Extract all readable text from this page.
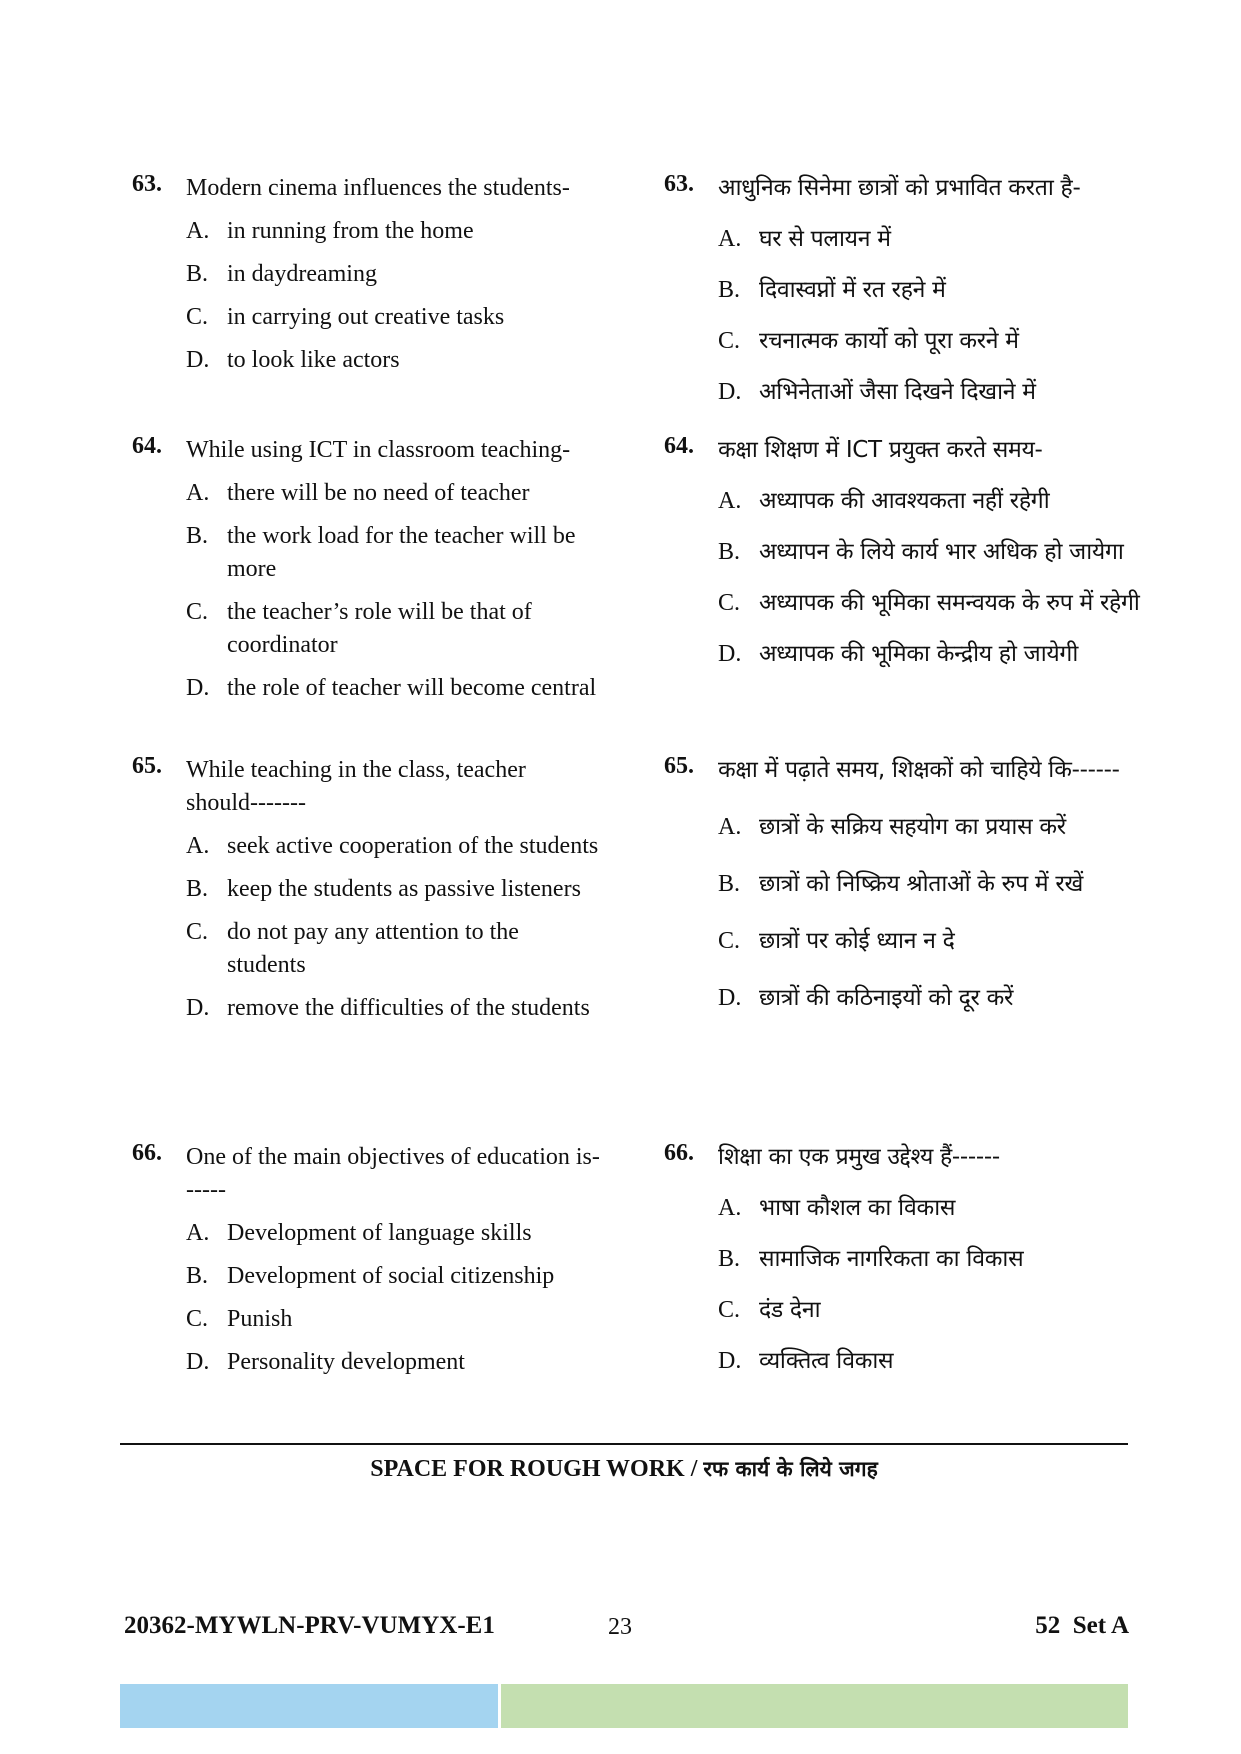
63. Modern cinema influences the students-
A. in running from the home
B. in daydreaming
C. in carrying out creative tasks
D. to look like actors
64. While using ICT in classroom teaching-
A. there will be no need of teacher
B. the work load for the teacher will be more
C. the teacher’s role will be that of coordinator
D. the role of teacher will become central
65. While teaching in the class, teacher should-------
A. seek active cooperation of the students
B. keep the students as passive listeners
C. do not pay any attention to the students
D. remove the difficulties of the students
66. One of the main objectives of education is------
A. Development of language skills
B. Development of social citizenship
C. Punish
D. Personality development
63. आधुनिक सिनेमा छात्रों को प्रभावित करता है-
A. घर से पलायन में
B. दिवास्वप्नों में रत रहने में
C. रचनात्मक कार्यो को पूरा करने में
D. अभिनेताओं जैसा दिखने दिखाने में
64. कक्षा शिक्षण में ICT प्रयुक्त करते समय-
A. अध्यापक की आवश्यकता नहीं रहेगी
B. अध्यापन के लिये कार्य भार अधिक हो जायेगा
C. अध्यापक की भूमिका समन्वयक के रुप में रहेगी
D. अध्यापक की भूमिका केन्द्रीय हो जायेगी
65. कक्षा में पढ़ाते समय, शिक्षकों को चाहिये कि------
A. छात्रों के सक्रिय सहयोग का प्रयास करें
B. छात्रों को निष्क्रिय श्रोताओं के रुप में रखें
C. छात्रों पर कोई ध्यान न दे
D. छात्रों की कठिनाइयों को दूर करें
66. शिक्षा का एक प्रमुख उद्देश्य हैं------
A. भाषा कौशल का विकास
B. सामाजिक नागरिकता का विकास
C. दंड देना
D. व्यक्तित्व विकास
SPACE FOR ROUGH WORK / रफ कार्य के लिये जगह
20362-MYWLN-PRV-VUMYX-E1	23	52  Set A
